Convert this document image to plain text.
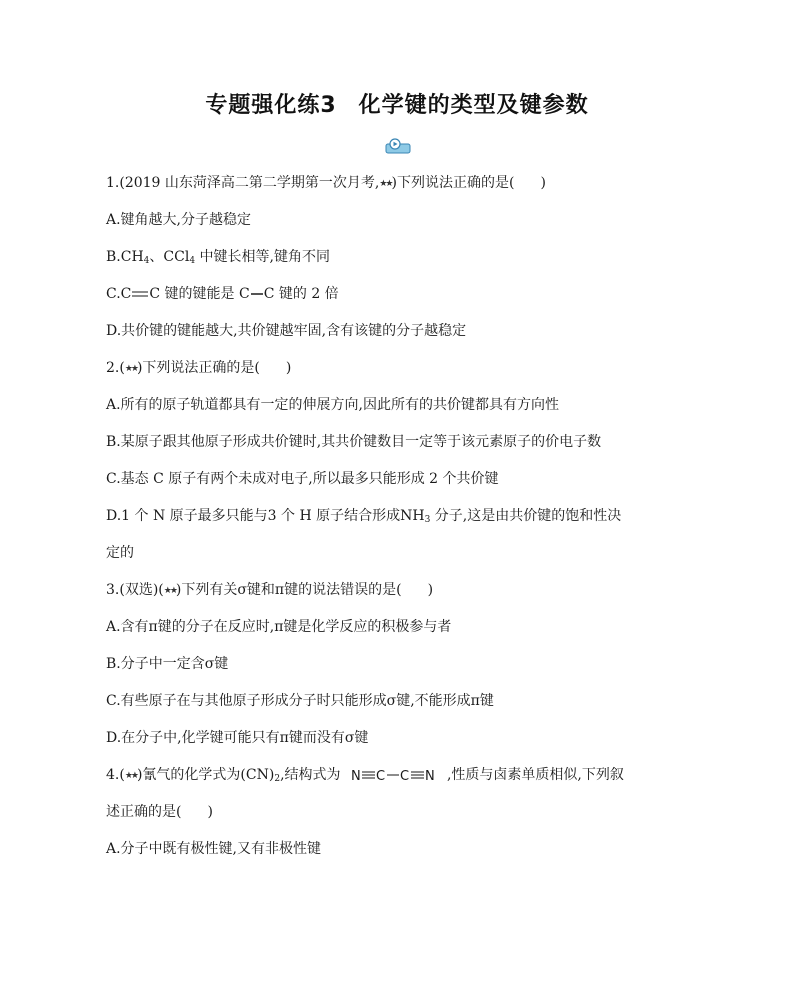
专题强化练3 化学键的类型及键参数
1.(2019 山东菏泽高二第二学期第一次月考,★★)下列说法正确的是( )
A.键角越大,分子越稳定
$B.CH_4$、CCl$_4$ 中键长相等,键角不同
C.C C 键的键能是 C C 键的 2 倍
D.共价键的键能越大,共价键越牢固,含有该键的分子越稳定
2.(★★)下列说法正确的是( )
A.所有的原子轨道都具有一定的伸展方向,因此所有的共价键都具有方向性
B.某原子跟其他原子形成共价键时,其共价键数目一定等于该元素原子的价电子数
C.基态 C 原子有两个未成对电子,所以最多只能形成 2 个共价键
D.1 个 N 原子最多只能与3 个 H 原子结合形成$NH_3$ 分子,这是由共价键的饱和性决
定的
3.(双选)(★★)下列有关σ键和π键的说法错误的是( )
A.含有π键的分子在反应时,π键是化学反应的积极参与者
B.分子中一定含σ键
C.有些原子在与其他原子形成分子时只能形成σ键,不能形成π键
D.在分子中,化学键可能只有π键而没有σ键
4.(★★)氰气的化学式为$(CN)_2$,结构式为 N C C N ,性质与卤素单质相似,下列叙
述正确的是( )
A.分子中既有极性键,又有非极性键
